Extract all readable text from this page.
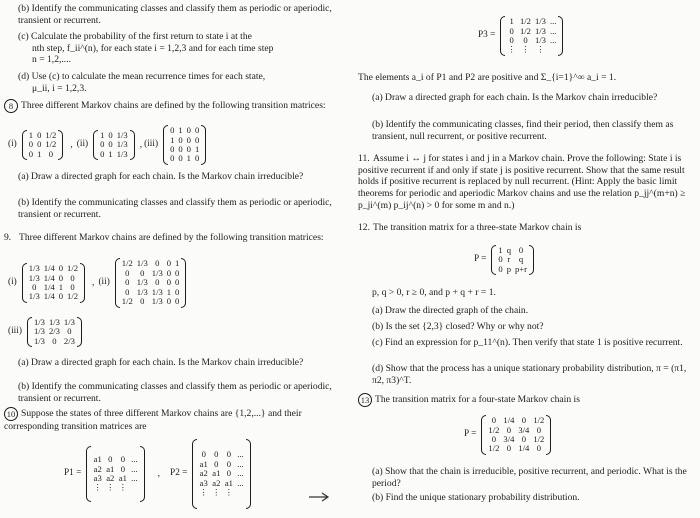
(b) Identify the communicating classes and classify them as periodic or aperiodic, transient or recurrent.
(c) Calculate the probability of the first return to state i at the
nth step, f_ii^(n), for each state i = 1,2,3 and for each time step
n = 1,2,....
(d) Use (c) to calculate the mean recurrence times for each state,
μ_ii, i = 1,2,3.
8 Three different Markov chains are defined by the following transition matrices:
(i)
1 0 1/2
0 0 1/2
0 1 0
, (ii)
1 0 1/3
0 0 1/3
0 1 1/3
, (iii)
0 1 0 0
1 0 0 0
0 0 0 1
0 0 1 0
(a) Draw a directed graph for each chain. Is the Markov chain irreducible?
(b) Identify the communicating classes and classify them as periodic or aperiodic, transient or recurrent.
9. Three different Markov chains are defined by the following transition matrices:
(i)
1/3 1/4 0 1/2
1/3 1/4 0 0
0 1/4 1 0
1/3 1/4 0 1/2
, (ii)
1/2 1/3 0 0 1
0	0 1/3 0 0
0 1/3 0 0 0
0 1/3 1/3 1 0
1/2 0 1/3 0 0
(iii)
1/3 1/3 1/3
1/3 2/3 0
1/3 0 2/3
(a) Draw a directed graph for each chain. Is the Markov chain irreducible?
(b) Identify the communicating classes and classify them as periodic or aperiodic, transient or recurrent.
10 Suppose the states of three different Markov chains are {1,2,...} and their corresponding transition matrices are
P1 =
a1 0 0 ...
a2 a1 0 ...
a3 a2 a1 ...
⋮ ⋮ ⋮
, P2 =
0 0 0 ...
a1 0 0 ...
a2 a1 0 ...
a3 a2 a1 ...
⋮ ⋮ ⋮
P3 =
1 1/2 1/3 ...
0 1/2 1/3 ...
0	0 1/3 ...
⋮ ⋮ ⋮
The elements a_i of P1 and P2 are positive and Σ_{i=1}^∞ a_i = 1.
(a) Draw a directed graph for each chain. Is the Markov chain irreducible?
(b) Identify the communicating classes, find their period, then classify them as transient, null recurrent, or positive recurrent.
11. Assume i ↔ j for states i and j in a Markov chain. Prove the following: State i is positive recurrent if and only if state j is positive recurrent. Show that the same result holds if positive recurrent is replaced by null recurrent. (Hint: Apply the basic limit theorems for periodic and aperiodic Markov chains and use the relation p_jj^(m+n) ≥ p_ji^(m) p_ij^(n) > 0 for some m and n.)
12. The transition matrix for a three-state Markov chain is
P =
1 q 0
0 r q
0 p p+r
p, q > 0, r ≥ 0, and p + q + r = 1.
(a) Draw the directed graph of the chain.
(b) Is the set {2,3} closed? Why or why not?
(c) Find an expression for p_11^(n). Then verify that state 1 is positive recurrent.
(d) Show that the process has a unique stationary probability distribution, π = (π1, π2, π3)^T.
13 The transition matrix for a four-state Markov chain is
P =
0 1/4 0 1/2
1/2 0 3/4 0
0 3/4 0 1/2
1/2 0 1/4 0
(a) Show that the chain is irreducible, positive recurrent, and periodic. What is the period?
(b) Find the unique stationary probability distribution.
